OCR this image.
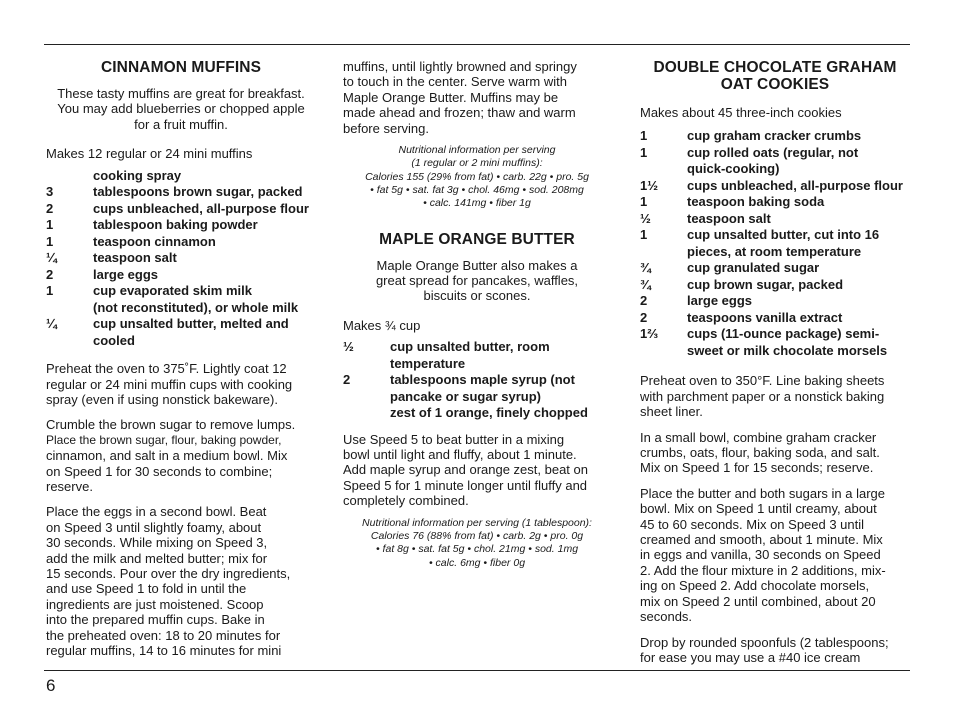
CINNAMON MUFFINS
These tasty muffins are great for breakfast.
You may add blueberries or chopped apple
for a fruit muffin.

Makes 12 regular or 24 mini muffins

cooking spray
3	tablespoons brown sugar, packed
2	cups unbleached, all-purpose flour
1	tablespoon baking powder
1	teaspoon cinnamon
¼	teaspoon salt
2	large eggs
1	cup evaporated skim milk
(not reconstituted), or whole milk
¼	cup unsalted butter, melted and
cooled
Preheat the oven to 375˚F. Lightly coat 12
regular or 24 mini muffin cups with cooking
spray (even if using nonstick bakeware).
Crumble the brown sugar to remove lumps.
Place the brown sugar, flour, baking powder,
cinnamon, and salt in a medium bowl. Mix
on Speed 1 for 30 seconds to combine;
reserve.
Place the eggs in a second bowl. Beat
on Speed 3 until slightly foamy, about
30 seconds. While mixing on Speed 3,
add the milk and melted butter; mix for
15 seconds. Pour over the dry ingredients,
and use Speed 1 to fold in until the
ingredients are just moistened. Scoop
into the prepared muffin cups. Bake in
the preheated oven: 18 to 20 minutes for
regular muffins, 14 to 16 minutes for mini
muffins, until lightly browned and springy
to touch in the center. Serve warm with
Maple Orange Butter. Muffins may be
made ahead and frozen; thaw and warm
before serving.
Nutritional information per serving
(1 regular or 2 mini muffins):
Calories 155 (29% from fat) • carb. 22g • pro. 5g
• fat 5g • sat. fat 3g • chol. 46mg • sod. 208mg
• calc. 141mg • fiber 1g
MAPLE ORANGE BUTTER
Maple Orange Butter also makes a
great spread for pancakes, waffles,
biscuits or scones.

Makes ¾ cup

½	cup unsalted butter, room
temperature
2	tablespoons maple syrup (not
pancake or sugar syrup)
zest of 1 orange, finely chopped
Use Speed 5 to beat butter in a mixing
bowl until light and fluffy, about 1 minute.
Add maple syrup and orange zest, beat on
Speed 5 for 1 minute longer until fluffy and
completely combined.
Nutritional information per serving (1 tablespoon):
Calories 76 (88% from fat) • carb. 2g • pro. 0g
• fat 8g • sat. fat 5g • chol. 21mg • sod. 1mg
• calc. 6mg • fiber 0g
DOUBLE CHOCOLATE GRAHAM
OAT COOKIES

Makes about 45 three-inch cookies

1	cup graham cracker crumbs
1	cup rolled oats (regular, not
quick-cooking)
1½	cups unbleached, all-purpose flour
1	teaspoon baking soda
½	teaspoon salt
1	cup unsalted butter, cut into 16
pieces, at room temperature
¾	cup granulated sugar
¾	cup brown sugar, packed
2	large eggs
2	teaspoons vanilla extract
1⅔	cups (11-ounce package) semi-
sweet or milk chocolate morsels
Preheat oven to 350°F. Line baking sheets
with parchment paper or a nonstick baking
sheet liner.
In a small bowl, combine graham cracker
crumbs, oats, flour, baking soda, and salt.
Mix on Speed 1 for 15 seconds; reserve.
Place the butter and both sugars in a large
bowl. Mix on Speed 1 until creamy, about
45 to 60 seconds. Mix on Speed 3 until
creamed and smooth, about 1 minute. Mix
in eggs and vanilla, 30 seconds on Speed
2. Add the flour mixture in 2 additions, mix-
ing on Speed 2. Add chocolate morsels,
mix on Speed 2 until combined, about 20
seconds.
Drop by rounded spoonfuls (2 tablespoons;
for ease you may use a #40 ice cream
6
